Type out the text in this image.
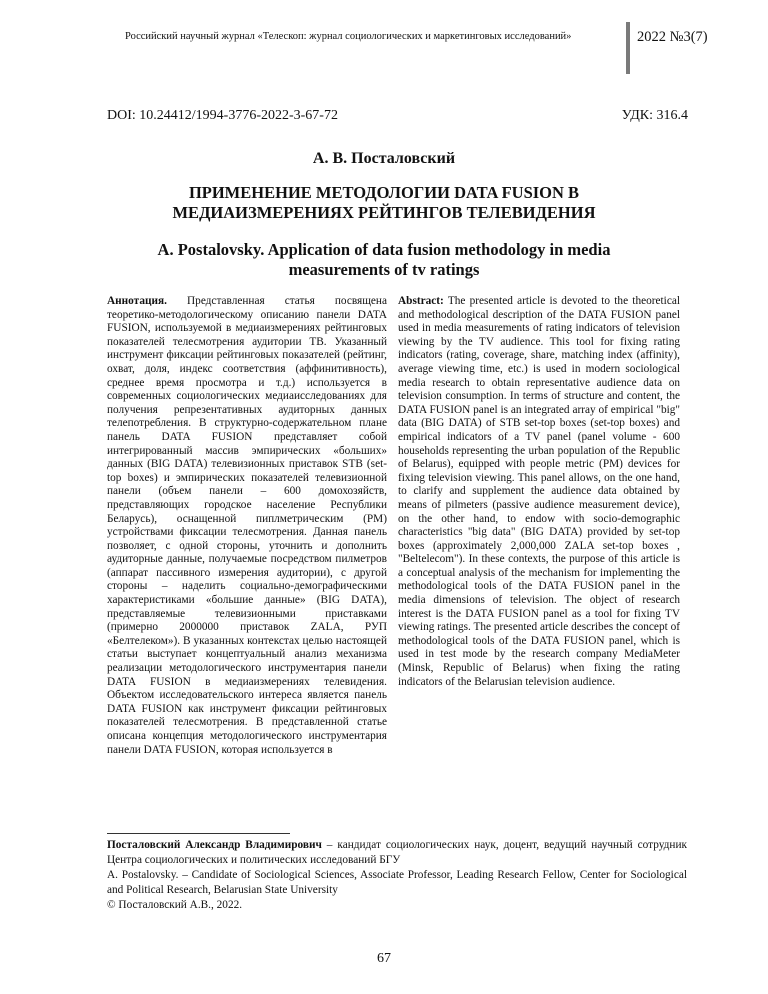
Российский научный журнал «Телескоп: журнал социологических и маркетинговых исследований»	2022 №3(7)
DOI: 10.24412/1994-3776-2022-3-67-72	УДК: 316.4
А. В. Посталовский
ПРИМЕНЕНИЕ МЕТОДОЛОГИИ DATA FUSION В МЕДИАИЗМЕРЕНИЯХ РЕЙТИНГОВ ТЕЛЕВИДЕНИЯ
A. Postalovsky. Application of data fusion methodology in media measurements of tv ratings
Аннотация. Представленная статья посвящена теоретико-методологическому описанию панели DATA FUSION, используемой в медиаизмерениях рейтинговых показателей телесмотрения аудитории ТВ. Указанный инструмент фиксации рейтинговых показателей (рейтинг, охват, доля, индекс соответствия (аффинитивность), среднее время просмотра и т.д.) используется в современных социологических медиаисследованиях для получения репрезентативных аудиторных данных телепотребления. В структурно-содержательном плане панель DATA FUSION представляет собой интегрированный массив эмпирических «больших» данных (BIG DATA) телевизионных приставок STB (set-top boxes) и эмпирических показателей телевизионной панели (объем панели – 600 домохозяйств, представляющих городское население Республики Беларусь), оснащенной пиплметрическим (PM) устройствами фиксации телесмотрения. Данная панель позволяет, с одной стороны, уточнить и дополнить аудиторные данные, получаемые посредством пилметров (аппарат пассивного измерения аудитории), с другой стороны – наделить социально-демографическими характеристиками «большие данные» (BIG DATA), представляемые телевизионными приставками (примерно 2000000 приставок ZALA, РУП «Белтелеком»). В указанных контекстах целью настоящей статьи выступает концептуальный анализ механизма реализации методологического инструментария панели DATA FUSION в медиаизмерениях телевидения. Объектом исследовательского интереса является панель DATA FUSION как инструмент фиксации рейтинговых показателей телесмотрения. В представленной статье описана концепция методологического инструментария панели DATA FUSION, которая используется в
Abstract: The presented article is devoted to the theoretical and methodological description of the DATA FUSION panel used in media measurements of rating indicators of television viewing by the TV audience. This tool for fixing rating indicators (rating, coverage, share, matching index (affinity), average viewing time, etc.) is used in modern sociological media research to obtain representative audience data on television consumption. In terms of structure and content, the DATA FUSION panel is an integrated array of empirical "big" data (BIG DATA) of STB set-top boxes (set-top boxes) and empirical indicators of a TV panel (panel volume - 600 households representing the urban population of the Republic of Belarus), equipped with people metric (PM) devices for fixing television viewing. This panel allows, on the one hand, to clarify and supplement the audience data obtained by means of pilmeters (passive audience measurement device), on the other hand, to endow with socio-demographic characteristics "big data" (BIG DATA) provided by set-top boxes (approximately 2,000,000 ZALA set-top boxes , "Beltelecom"). In these contexts, the purpose of this article is a conceptual analysis of the mechanism for implementing the methodological tools of the DATA FUSION panel in the media dimensions of television. The object of research interest is the DATA FUSION panel as a tool for fixing TV viewing ratings. The presented article describes the concept of methodological tools of the DATA FUSION panel, which is used in test mode by the research company MediaMeter (Minsk, Republic of Belarus) when fixing the rating indicators of the Belarusian television audience.

Посталовский Александр Владимирович – кандидат социологических наук, доцент, ведущий научный сотрудник Центра социологических и политических исследований БГУ

A. Postalovsky. – Candidate of Sociological Sciences, Associate Professor, Leading Research Fellow, Center for Sociological and Political Research, Belarusian State University

© Посталовский А.В., 2022.

67
